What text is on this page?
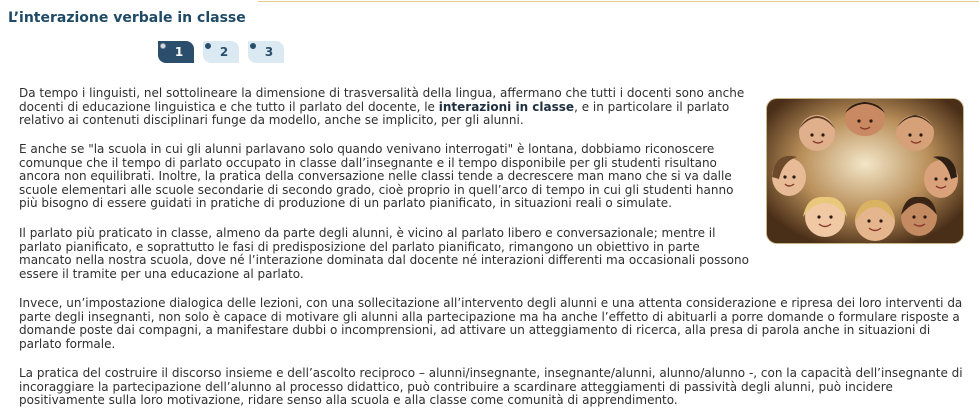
L’interazione verbale in classe
1	2	3

Da tempo i linguisti, nel sottolineare la dimensione di trasversalità della lingua, affermano che tutti i docenti sono anche docenti di educazione linguistica e che tutto il parlato del docente, le interazioni in classe, e in particolare il parlato relativo ai contenuti disciplinari funge da modello, anche se implicito, per gli alunni.

E anche se "la scuola in cui gli alunni parlavano solo quando venivano interrogati" è lontana, dobbiamo riconoscere comunque che il tempo di parlato occupato in classe dall’insegnante e il tempo disponibile per gli studenti risultano ancora non equilibrati. Inoltre, la pratica della conversazione nelle classi tende a decrescere man mano che si va dalle scuole elementari alle scuole secondarie di secondo grado, cioè proprio in quell’arco di tempo in cui gli studenti hanno più bisogno di essere guidati in pratiche di produzione di un parlato pianificato, in situazioni reali o simulate.

Il parlato più praticato in classe, almeno da parte degli alunni, è vicino al parlato libero e conversazionale; mentre il parlato pianificato, e soprattutto le fasi di predisposizione del parlato pianificato, rimangono un obiettivo in parte mancato nella nostra scuola, dove né l’interazione dominata dal docente né interazioni differenti ma occasionali possono essere il tramite per una educazione al parlato.

Invece, un’impostazione dialogica delle lezioni, con una sollecitazione all’intervento degli alunni e una attenta considerazione e ripresa dei loro interventi da parte degli insegnanti, non solo è capace di motivare gli alunni alla partecipazione ma ha anche l’effetto di abituarli a porre domande o formulare risposte a domande poste dai compagni, a manifestare dubbi o incomprensioni, ad attivare un atteggiamento di ricerca, alla presa di parola anche in situazioni di parlato formale.

La pratica del costruire il discorso insieme e dell’ascolto reciproco – alunni/insegnante, insegnante/alunni, alunno/alunno -, con la capacità dell’insegnante di incoraggiare la partecipazione dell’alunno al processo didattico, può contribuire a scardinare atteggiamenti di passività degli alunni, può incidere positivamente sulla loro motivazione, ridare senso alla scuola e alla classe come comunità di apprendimento.
